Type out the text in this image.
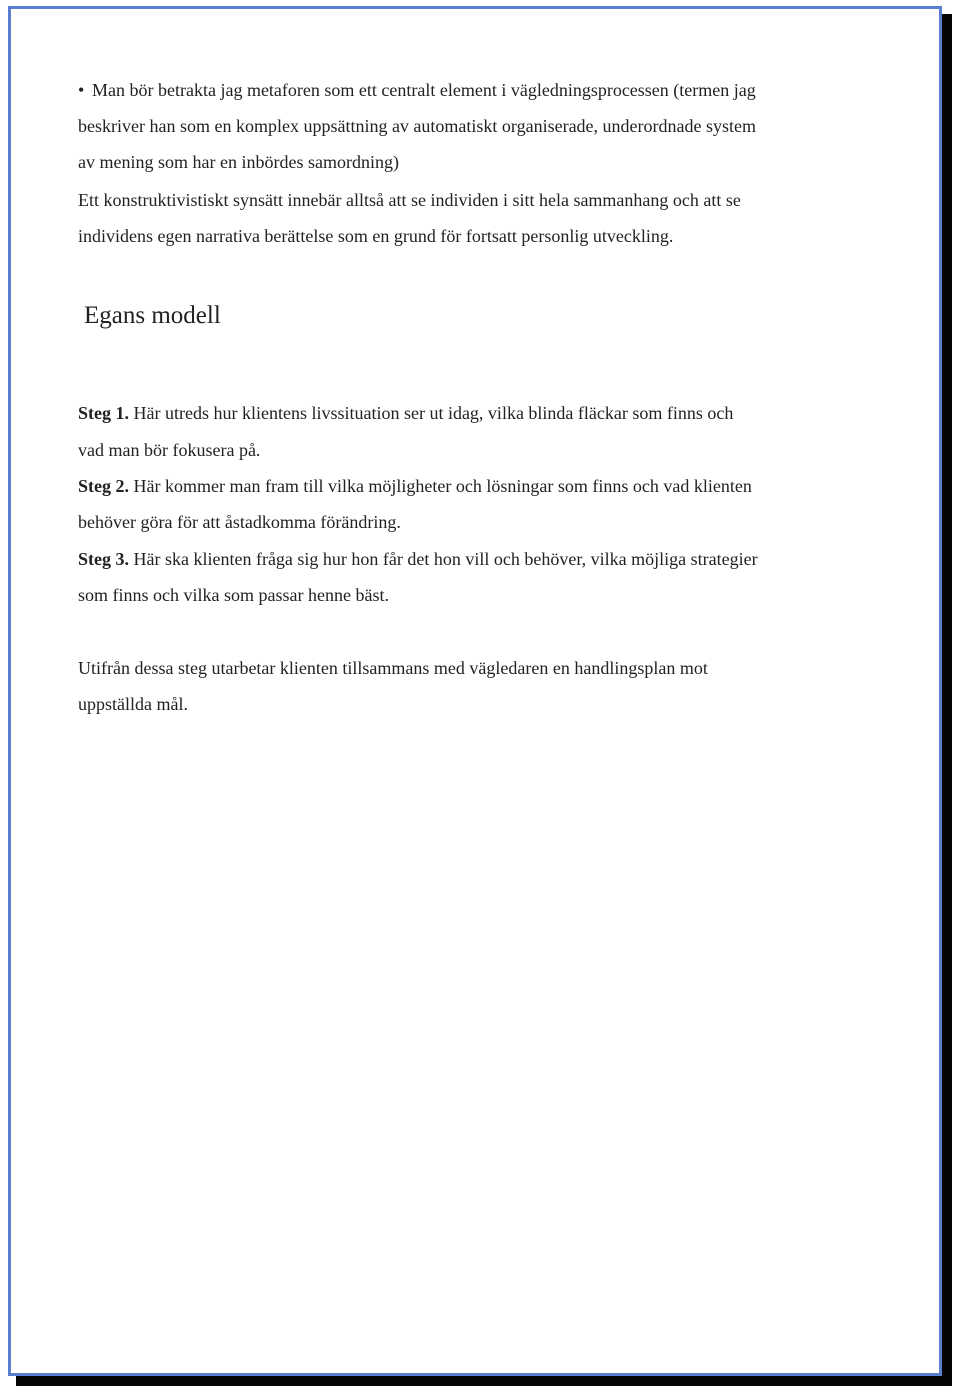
• Man bör betrakta jag metaforen som ett centralt element i vägledningsprocessen (termen jag
beskriver han som en komplex uppsättning av automatiskt organiserade, underordnade system
av mening som har en inbördes samordning)
Ett konstruktivistiskt synsätt innebär alltså att se individen i sitt hela sammanhang och att se
individens egen narrativa berättelse som en grund för fortsatt personlig utveckling.
Egans modell
Steg 1. Här utreds hur klientens livssituation ser ut idag, vilka blinda fläckar som finns och
vad man bör fokusera på.
Steg 2. Här kommer man fram till vilka möjligheter och lösningar som finns och vad klienten
behöver göra för att åstadkomma förändring.
Steg 3. Här ska klienten fråga sig hur hon får det hon vill och behöver, vilka möjliga strategier
som finns och vilka som passar henne bäst.
Utifrån dessa steg utarbetar klienten tillsammans med vägledaren en handlingsplan mot
uppställda mål.
